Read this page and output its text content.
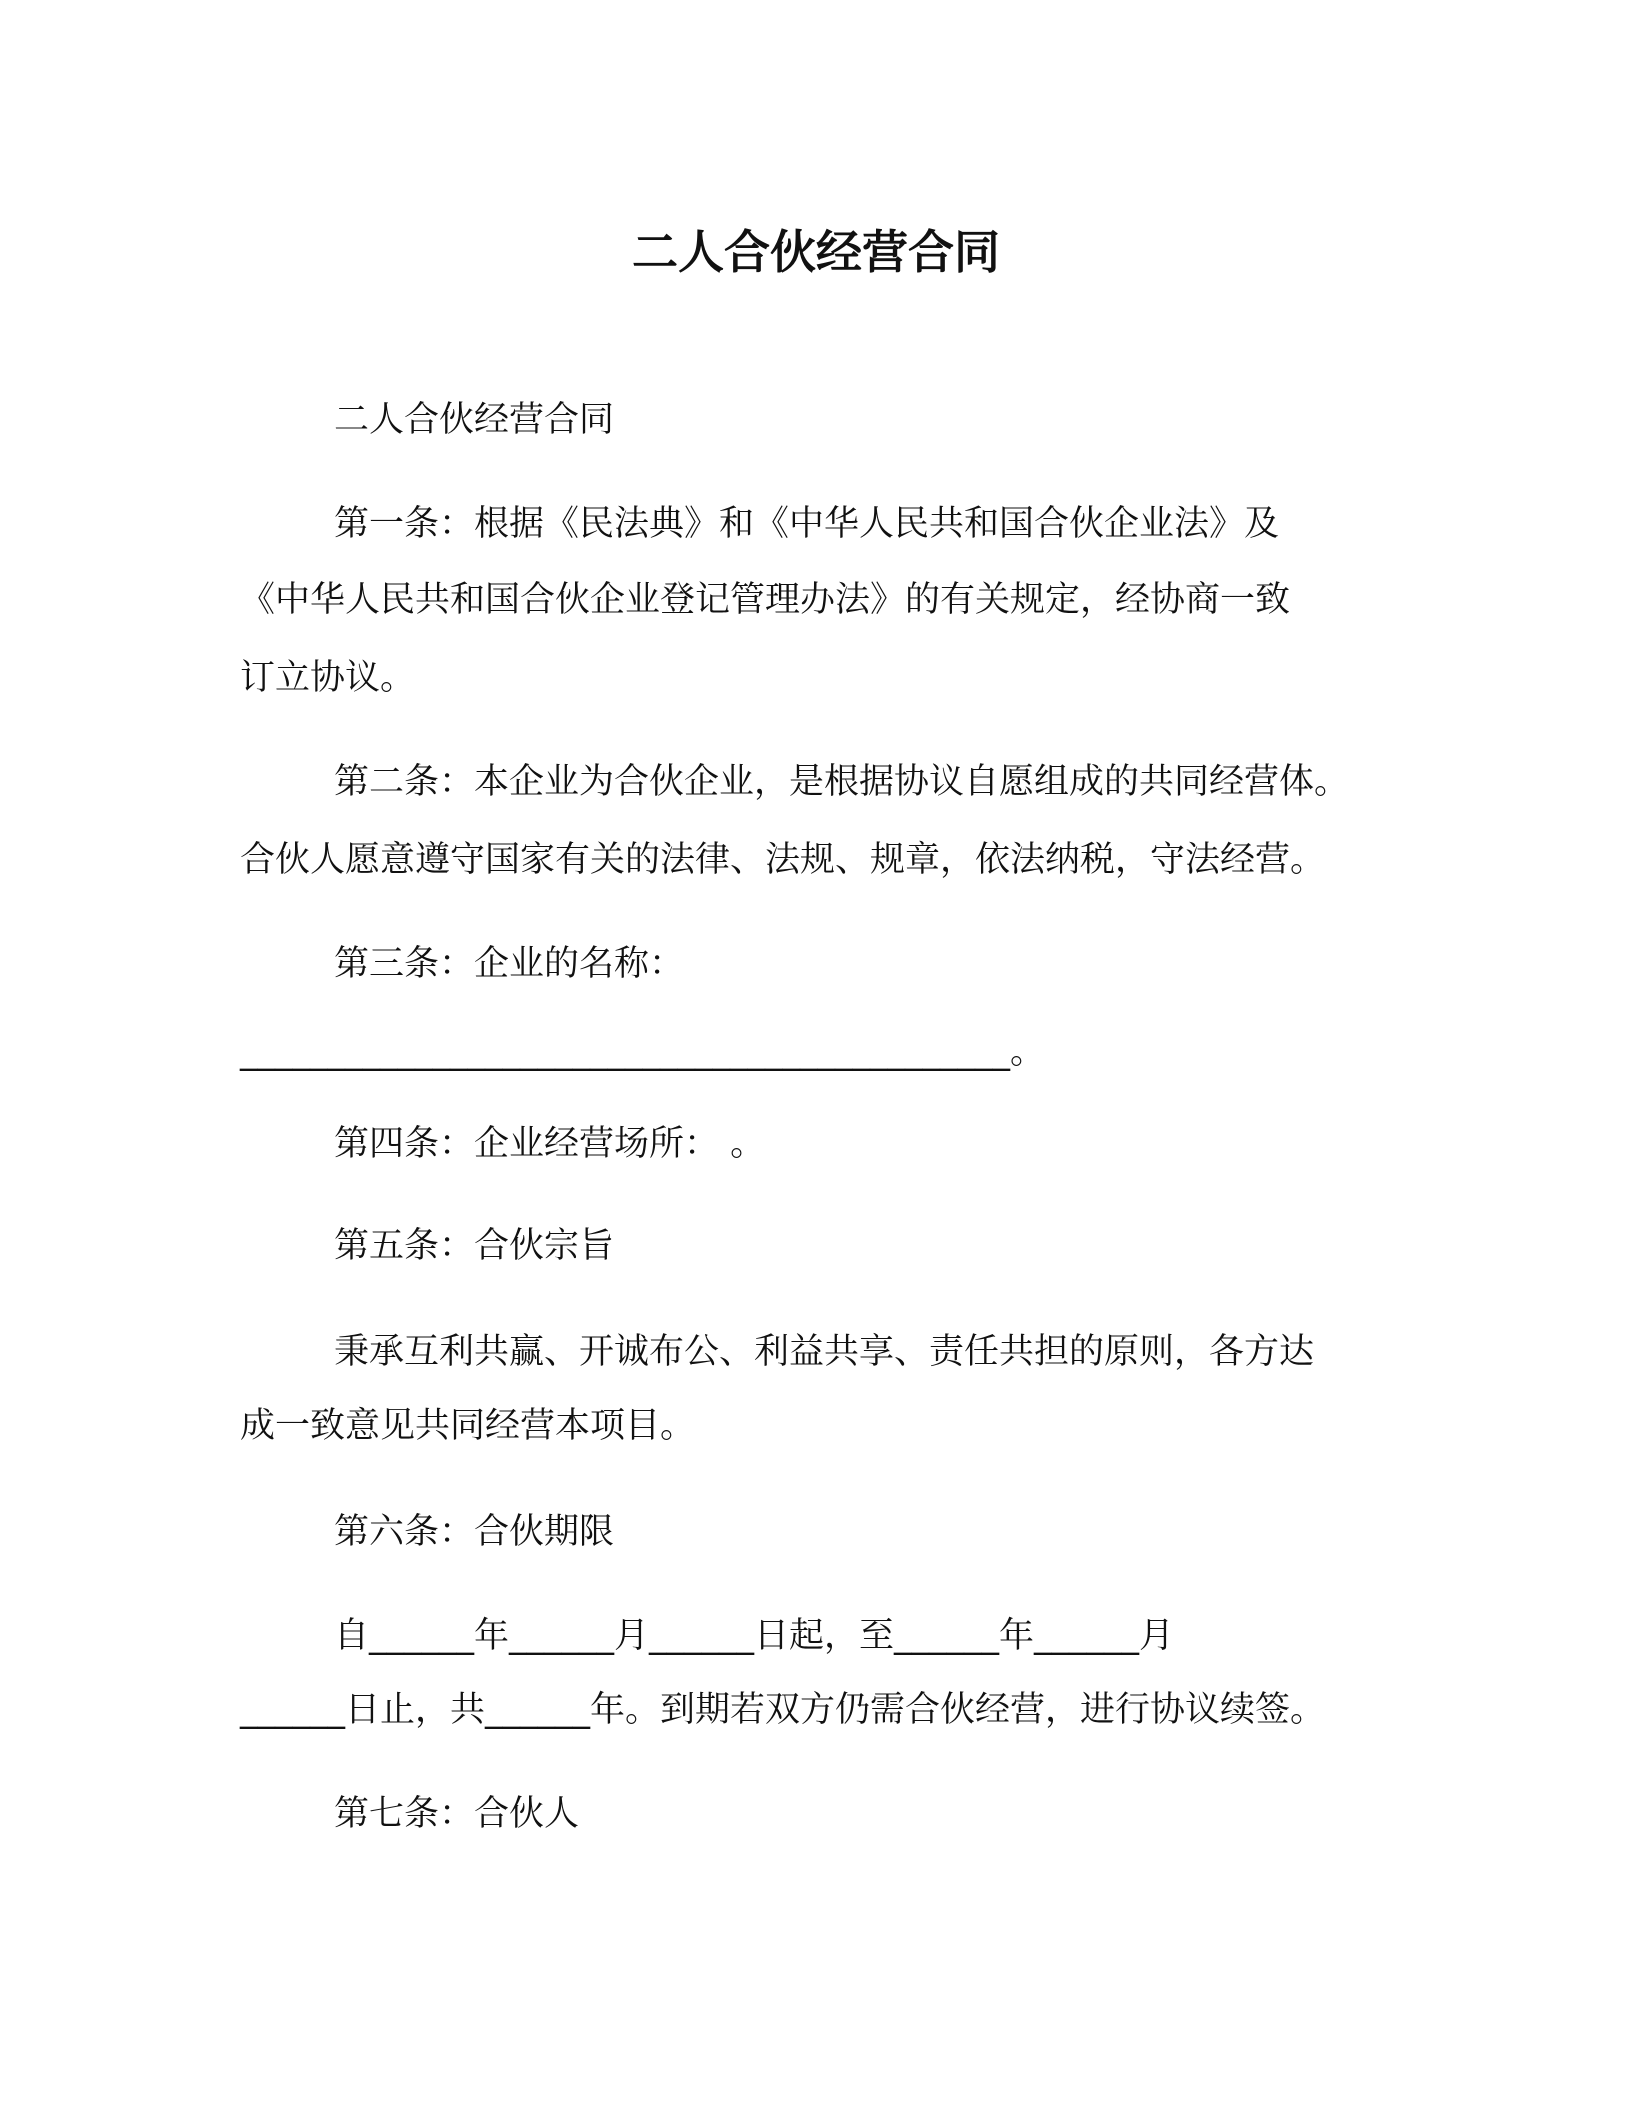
二人合伙经营合同
二人合伙经营合同
第一条：根据《民法典》和《中华人民共和国合伙企业法》及
《中华人民共和国合伙企业登记管理办法》的有关规定，经协商一致
订立协议。
第二条：本企业为合伙企业，是根据协议自愿组成的共同经营体。
合伙人愿意遵守国家有关的法律、法规、规章，依法纳税，守法经营。
第三条：企业的名称：
____________________________________________。
第四条：企业经营场所： 。
第五条：合伙宗旨
秉承互利共赢、开诚布公、利益共享、责任共担的原则，各方达
成一致意见共同经营本项目。
第六条：合伙期限
自______年______月______日起，至______年______月
______日止，共______年。到期若双方仍需合伙经营，进行协议续签。
第七条：合伙人
